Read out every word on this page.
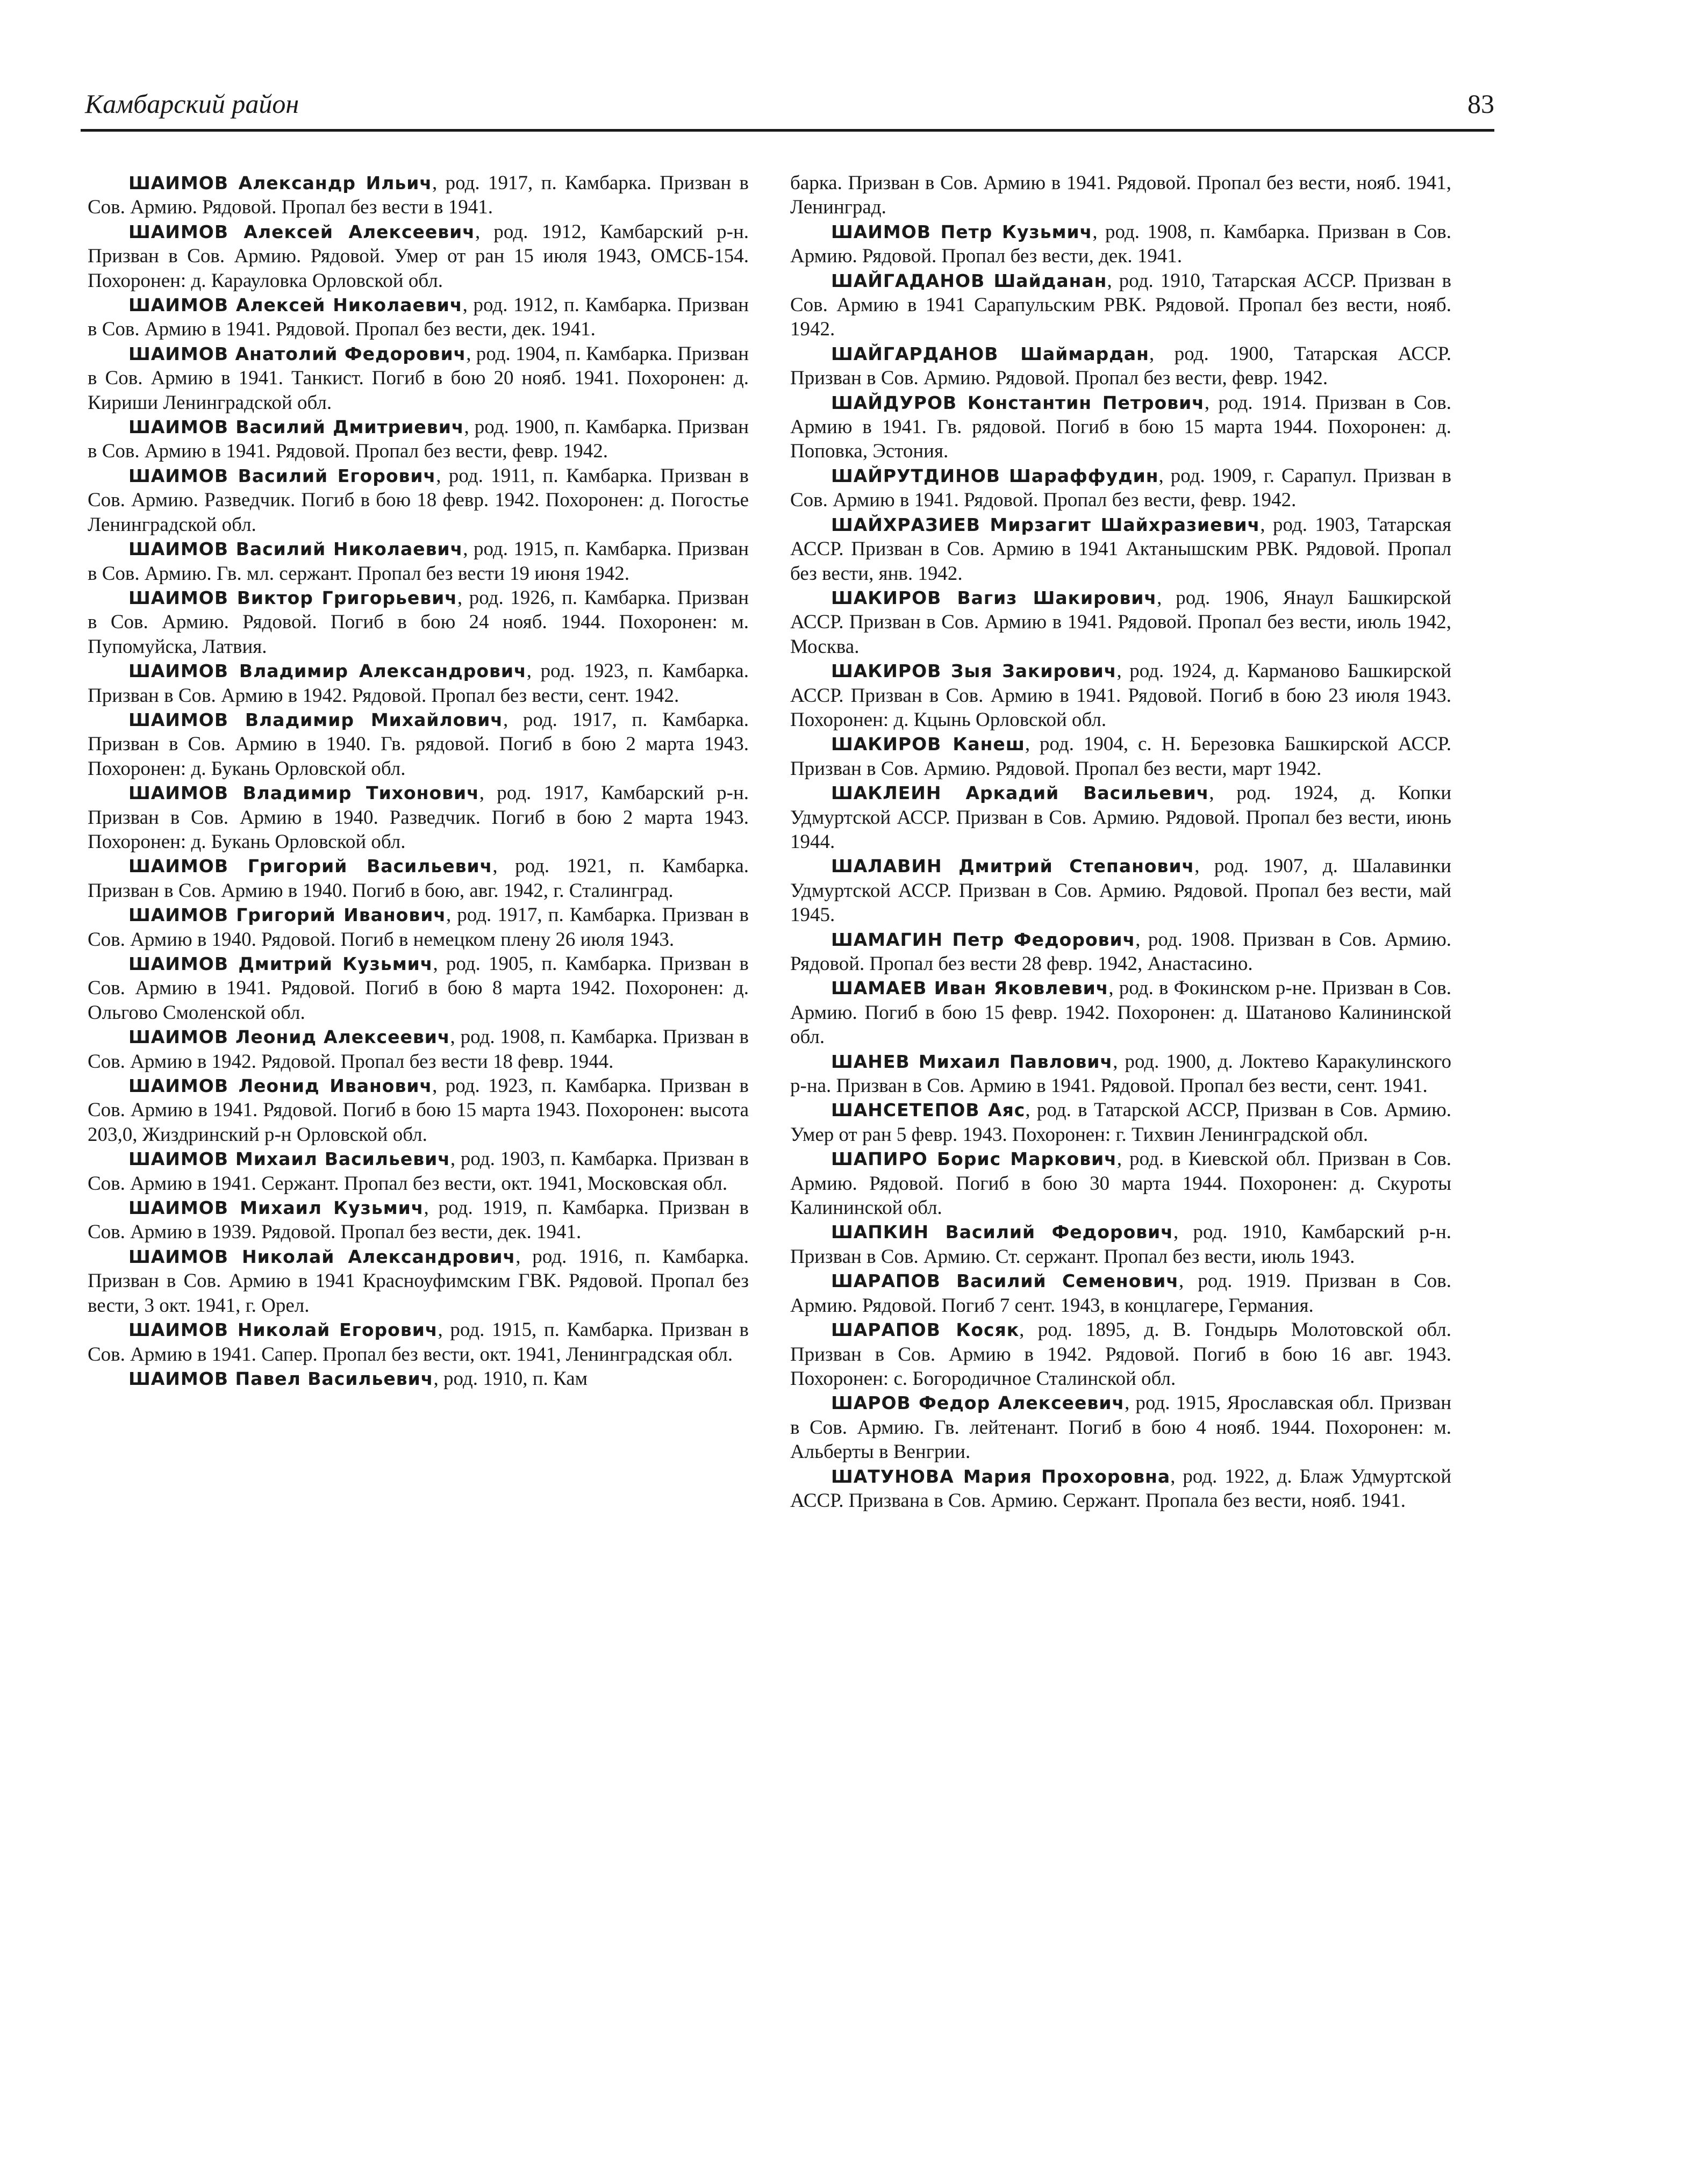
Камбарский район	83

ШАИМОВ Александр Ильич, род. 1917, п. Камбарка. Призван в Сов. Армию. Рядовой. Пропал без вести в 1941.

ШАИМОВ Алексей Алексеевич, род. 1912, Камбарский р-н. Призван в Сов. Армию. Рядовой. Умер от ран 15 июля 1943, ОМСБ-154. Похоронен: д. Карауловка Орловской обл.

ШАИМОВ Алексей Николаевич, род. 1912, п. Камбарка. Призван в Сов. Армию в 1941. Рядовой. Пропал без вести, дек. 1941.

ШАИМОВ Анатолий Федорович, род. 1904, п. Камбарка. Призван в Сов. Армию в 1941. Танкист. Погиб в бою 20 нояб. 1941. Похоронен: д. Кириши Ленинградской обл.

ШАИМОВ Василий Дмитриевич, род. 1900, п. Камбарка. Призван в Сов. Армию в 1941. Рядовой. Пропал без вести, февр. 1942.

ШАИМОВ Василий Егорович, род. 1911, п. Камбарка. Призван в Сов. Армию. Разведчик. Погиб в бою 18 февр. 1942. Похоронен: д. Погостье Ленинградской обл.

ШАИМОВ Василий Николаевич, род. 1915, п. Камбарка. Призван в Сов. Армию. Гв. мл. сержант. Пропал без вести 19 июня 1942.

ШАИМОВ Виктор Григорьевич, род. 1926, п. Камбарка. Призван в Сов. Армию. Рядовой. Погиб в бою 24 нояб. 1944. Похоронен: м. Пупомуйска, Латвия.

ШАИМОВ Владимир Александрович, род. 1923, п. Камбарка. Призван в Сов. Армию в 1942. Рядовой. Пропал без вести, сент. 1942.

ШАИМОВ Владимир Михайлович, род. 1917, п. Камбарка. Призван в Сов. Армию в 1940. Гв. рядовой. Погиб в бою 2 марта 1943. Похоронен: д. Букань Орловской обл.

ШАИМОВ Владимир Тихонович, род. 1917, Камбарский р-н. Призван в Сов. Армию в 1940. Разведчик. Погиб в бою 2 марта 1943. Похоронен: д. Букань Орловской обл.

ШАИМОВ Григорий Васильевич, род. 1921, п. Камбарка. Призван в Сов. Армию в 1940. Погиб в бою, авг. 1942, г. Сталинград.

ШАИМОВ Григорий Иванович, род. 1917, п. Камбарка. Призван в Сов. Армию в 1940. Рядовой. Погиб в немецком плену 26 июля 1943.

ШАИМОВ Дмитрий Кузьмич, род. 1905, п. Камбарка. Призван в Сов. Армию в 1941. Рядовой. Погиб в бою 8 марта 1942. Похоронен: д. Ольгово Смоленской обл.

ШАИМОВ Леонид Алексеевич, род. 1908, п. Камбарка. Призван в Сов. Армию в 1942. Рядовой. Пропал без вести 18 февр. 1944.

ШАИМОВ Леонид Иванович, род. 1923, п. Камбарка. Призван в Сов. Армию в 1941. Рядовой. Погиб в бою 15 марта 1943. Похоронен: высота 203,0, Жиздринский р-н Орловской обл.

ШАИМОВ Михаил Васильевич, род. 1903, п. Камбарка. Призван в Сов. Армию в 1941. Сержант. Пропал без вести, окт. 1941, Московская обл.

ШАИМОВ Михаил Кузьмич, род. 1919, п. Камбарка. Призван в Сов. Армию в 1939. Рядовой. Пропал без вести, дек. 1941.

ШАИМОВ Николай Александрович, род. 1916, п. Камбарка. Призван в Сов. Армию в 1941 Красноуфимским ГВК. Рядовой. Пропал без вести, 3 окт. 1941, г. Орел.

ШАИМОВ Николай Егорович, род. 1915, п. Камбарка. Призван в Сов. Армию в 1941. Сапер. Пропал без вести, окт. 1941, Ленинградская обл.

ШАИМОВ Павел Васильевич, род. 1910, п. Кам

барка. Призван в Сов. Армию в 1941. Рядовой. Пропал без вести, нояб. 1941, Ленинград.

ШАИМОВ Петр Кузьмич, род. 1908, п. Камбарка. Призван в Сов. Армию. Рядовой. Пропал без вести, дек. 1941.

ШАЙГАДАНОВ Шайданан, род. 1910, Татарская АССР. Призван в Сов. Армию в 1941 Сарапульским РВК. Рядовой. Пропал без вести, нояб. 1942.

ШАЙГАРДАНОВ Шаймардан, род. 1900, Татарская АССР. Призван в Сов. Армию. Рядовой. Пропал без вести, февр. 1942.

ШАЙДУРОВ Константин Петрович, род. 1914. Призван в Сов. Армию в 1941. Гв. рядовой. Погиб в бою 15 марта 1944. Похоронен: д. Поповка, Эстония.

ШАЙРУТДИНОВ Шарaффудин, род. 1909, г. Сарапул. Призван в Сов. Армию в 1941. Рядовой. Пропал без вести, февр. 1942.

ШАЙХРАЗИЕВ Мирзагит Шайхразиевич, род. 1903, Татарская АССР. Призван в Сов. Армию в 1941 Актанышским РВК. Рядовой. Пропал без вести, янв. 1942.

ШАКИРОВ Вагиз Шакирович, род. 1906, Янаул Башкирской АССР. Призван в Сов. Армию в 1941. Рядовой. Пропал без вести, июль 1942, Москва.

ШАКИРОВ Зыя Закирович, род. 1924, д. Карманово Башкирской АССР. Призван в Сов. Армию в 1941. Рядовой. Погиб в бою 23 июля 1943. Похоронен: д. Кцынь Орловской обл.

ШАКИРОВ Канеш, род. 1904, с. Н. Березовка Башкирской АССР. Призван в Сов. Армию. Рядовой. Пропал без вести, март 1942.

ШАКЛЕИН Аркадий Васильевич, род. 1924, д. Копки Удмуртской АССР. Призван в Сов. Армию. Рядовой. Пропал без вести, июнь 1944.

ШАЛАВИН Дмитрий Степанович, род. 1907, д. Шалавинки Удмуртской АССР. Призван в Сов. Армию. Рядовой. Пропал без вести, май 1945.

ШАМАГИН Петр Федорович, род. 1908. Призван в Сов. Армию. Рядовой. Пропал без вести 28 февр. 1942, Анастасино.

ШАМАЕВ Иван Яковлевич, род. в Фокинском р-не. Призван в Сов. Армию. Погиб в бою 15 февр. 1942. Похоронен: д. Шатаново Калининской обл.

ШАНЕВ Михаил Павлович, род. 1900, д. Локтево Каракулинского р-на. Призван в Сов. Армию в 1941. Рядовой. Пропал без вести, сент. 1941.

ШАНСЕТЕПОВ Аяс, род. в Татарской АССР, Призван в Сов. Армию. Умер от ран 5 февр. 1943. Похоронен: г. Тихвин Ленинградской обл.

ШАПИРО Борис Маркович, род. в Киевской обл. Призван в Сов. Армию. Рядовой. Погиб в бою 30 марта 1944. Похоронен: д. Скуроты Калининской обл.

ШАПКИН Василий Федорович, род. 1910, Камбарский р-н. Призван в Сов. Армию. Ст. сержант. Пропал без вести, июль 1943.

ШАРАПОВ Василий Семенович, род. 1919. Призван в Сов. Армию. Рядовой. Погиб 7 сент. 1943, в концлагере, Германия.

ШАРАПОВ Косяк, род. 1895, д. В. Гондырь Молотовской обл. Призван в Сов. Армию в 1942. Рядовой. Погиб в бою 16 авг. 1943. Похоронен: с. Богородичное Сталинской обл.

ШАРОВ Федор Алексеевич, род. 1915, Ярославская обл. Призван в Сов. Армию. Гв. лейтенант. Погиб в бою 4 нояб. 1944. Похоронен: м. Альберты в Венгрии.

ШАТУНОВА Мария Прохоровна, род. 1922, д. Блаж Удмуртской АССР. Призвана в Сов. Армию. Сержант. Пропала без вести, нояб. 1941.
